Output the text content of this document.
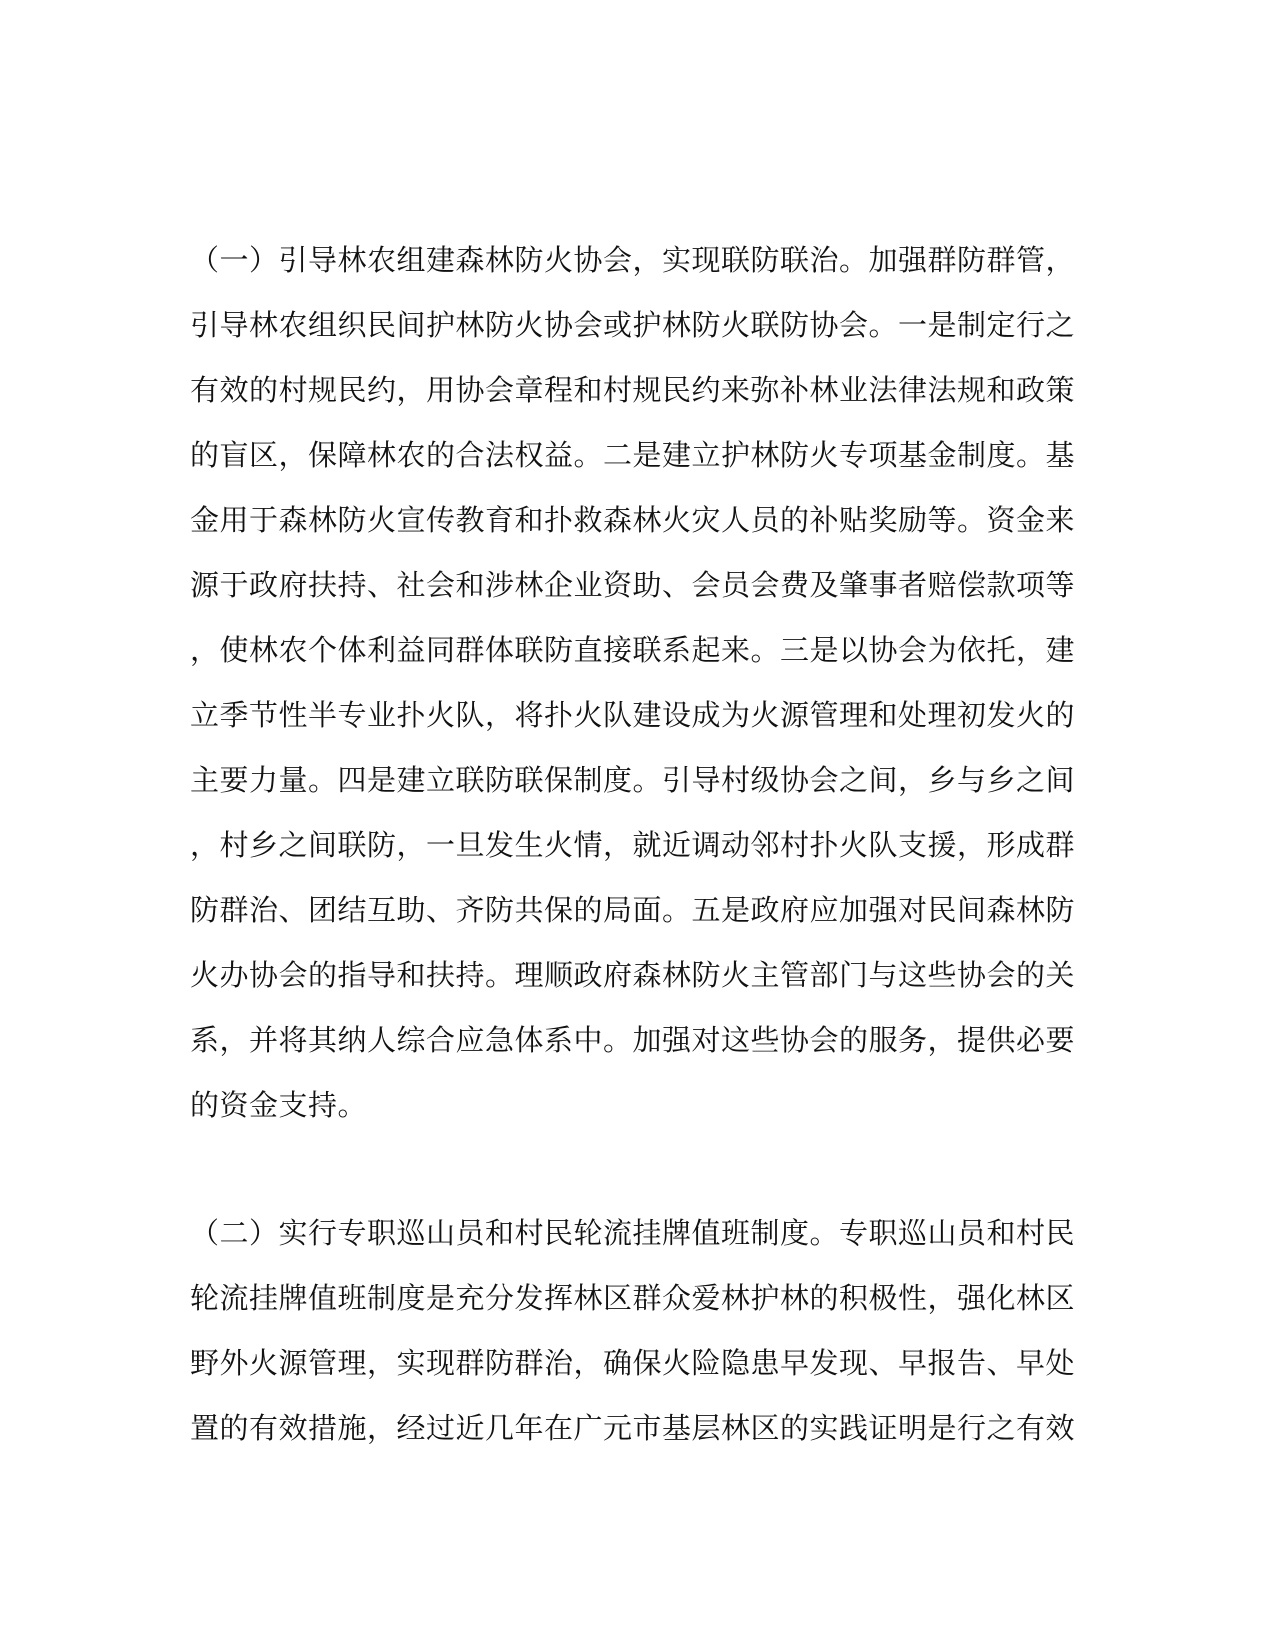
（一）引导林农组建森林防火协会，实现联防联治。加强群防群管，
引导林农组织民间护林防火协会或护林防火联防协会。一是制定行之
有效的村规民约，用协会章程和村规民约来弥补林业法律法规和政策
的盲区，保障林农的合法权益。二是建立护林防火专项基金制度。基
金用于森林防火宣传教育和扑救森林火灾人员的补贴奖励等。资金来
源于政府扶持、社会和涉林企业资助、会员会费及肇事者赔偿款项等
，使林农个体利益同群体联防直接联系起来。三是以协会为依托，建
立季节性半专业扑火队，将扑火队建设成为火源管理和处理初发火的
主要力量。四是建立联防联保制度。引导村级协会之间，乡与乡之间
，村乡之间联防，一旦发生火情，就近调动邻村扑火队支援，形成群
防群治、团结互助、齐防共保的局面。五是政府应加强对民间森林防
火办协会的指导和扶持。理顺政府森林防火主管部门与这些协会的关
系，并将其纳人综合应急体系中。加强对这些协会的服务，提供必要
的资金支持。
（二）实行专职巡山员和村民轮流挂牌值班制度。专职巡山员和村民
轮流挂牌值班制度是充分发挥林区群众爱林护林的积极性，强化林区
野外火源管理，实现群防群治，确保火险隐患早发现、早报告、早处
置的有效措施，经过近几年在广元市基层林区的实践证明是行之有效
